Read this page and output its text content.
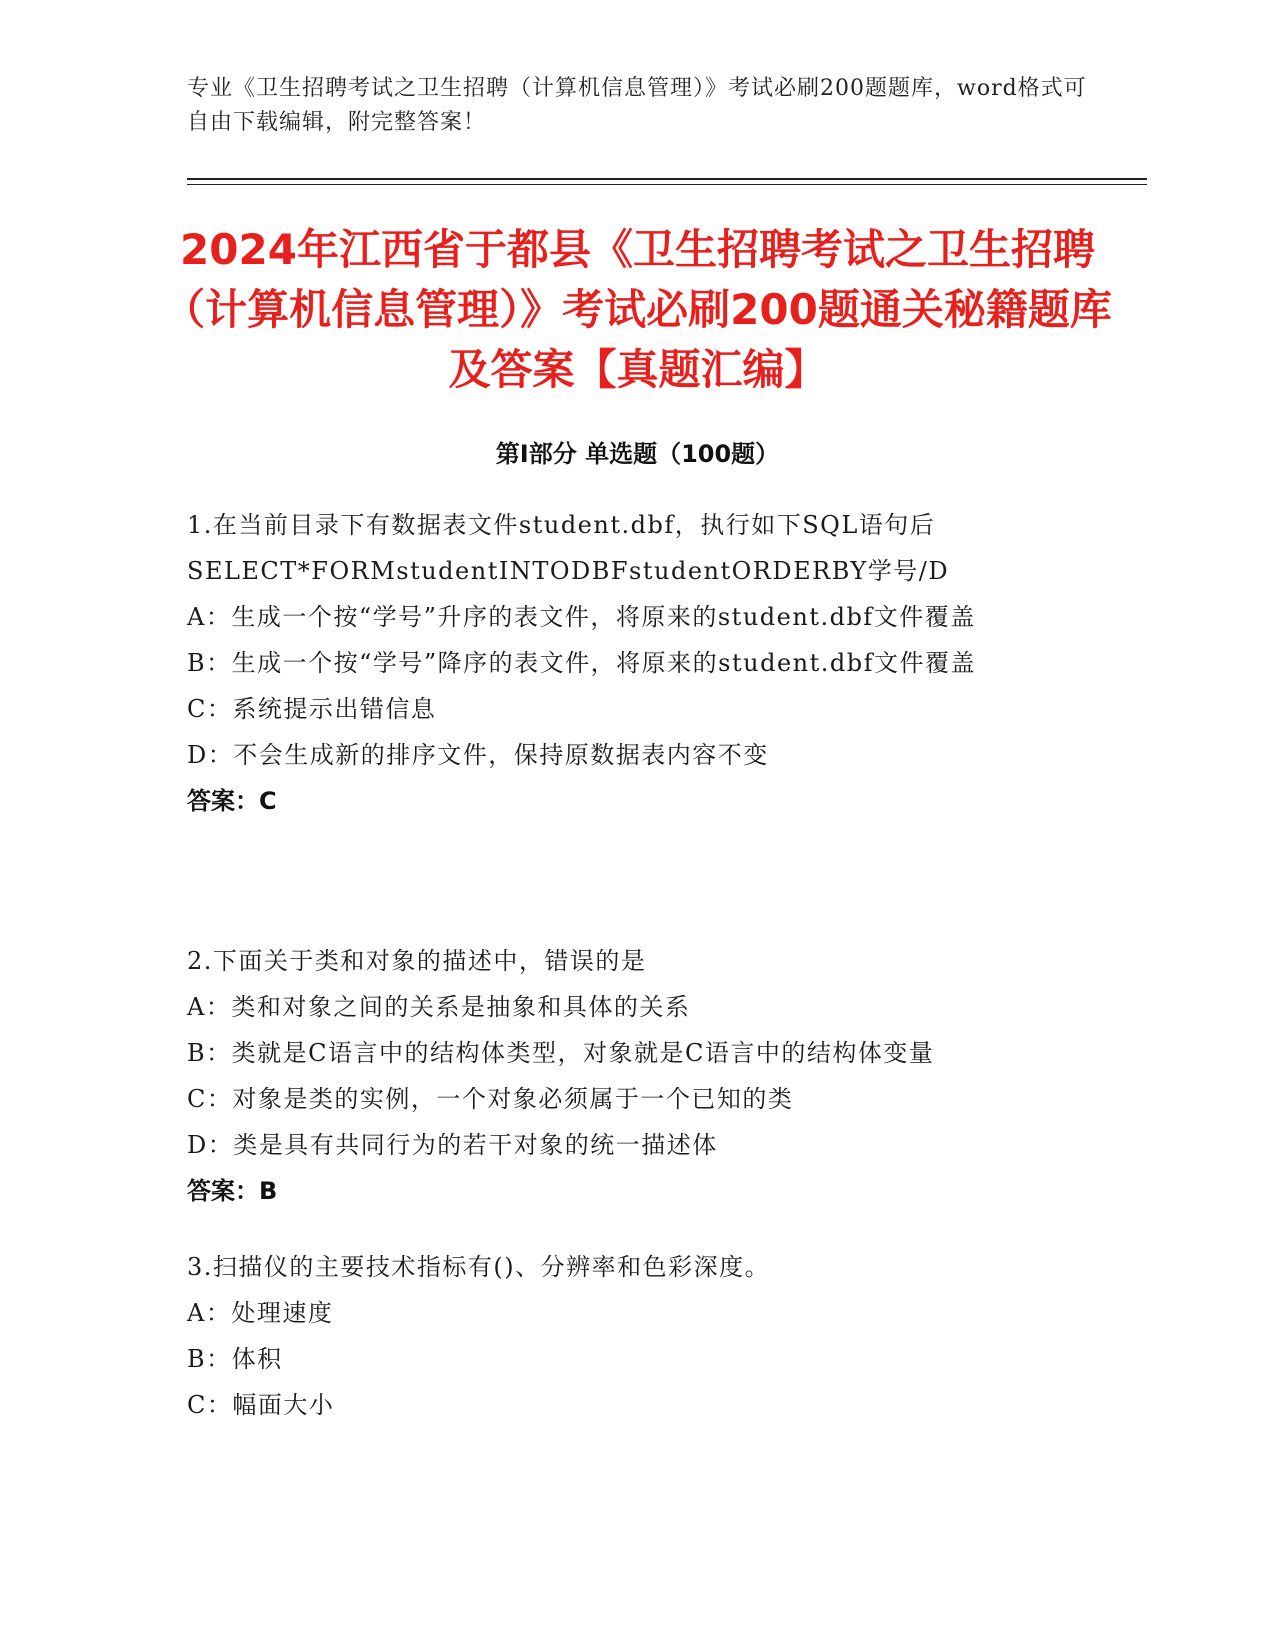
专业《卫生招聘考试之卫生招聘（计算机信息管理）》考试必刷200题题库，word格式可自由下载编辑，附完整答案！
2024年江西省于都县《卫生招聘考试之卫生招聘（计算机信息管理）》考试必刷200题通关秘籍题库及答案【真题汇编】
第Ⅰ部分 单选题（100题）
1.在当前目录下有数据表文件student.dbf，执行如下SQL语句后SELECT*FORMstudentINTODBFstudentORDERBY学号/D
A：生成一个按“学号”升序的表文件，将原来的student.dbf文件覆盖
B：生成一个按“学号”降序的表文件，将原来的student.dbf文件覆盖
C：系统提示出错信息
D：不会生成新的排序文件，保持原数据表内容不变
答案：C
2.下面关于类和对象的描述中，错误的是
A：类和对象之间的关系是抽象和具体的关系
B：类就是C语言中的结构体类型，对象就是C语言中的结构体变量
C：对象是类的实例，一个对象必须属于一个已知的类
D：类是具有共同行为的若干对象的统一描述体
答案：B
3.扫描仪的主要技术指标有()、分辨率和色彩深度。
A：处理速度
B：体积
C：幅面大小
